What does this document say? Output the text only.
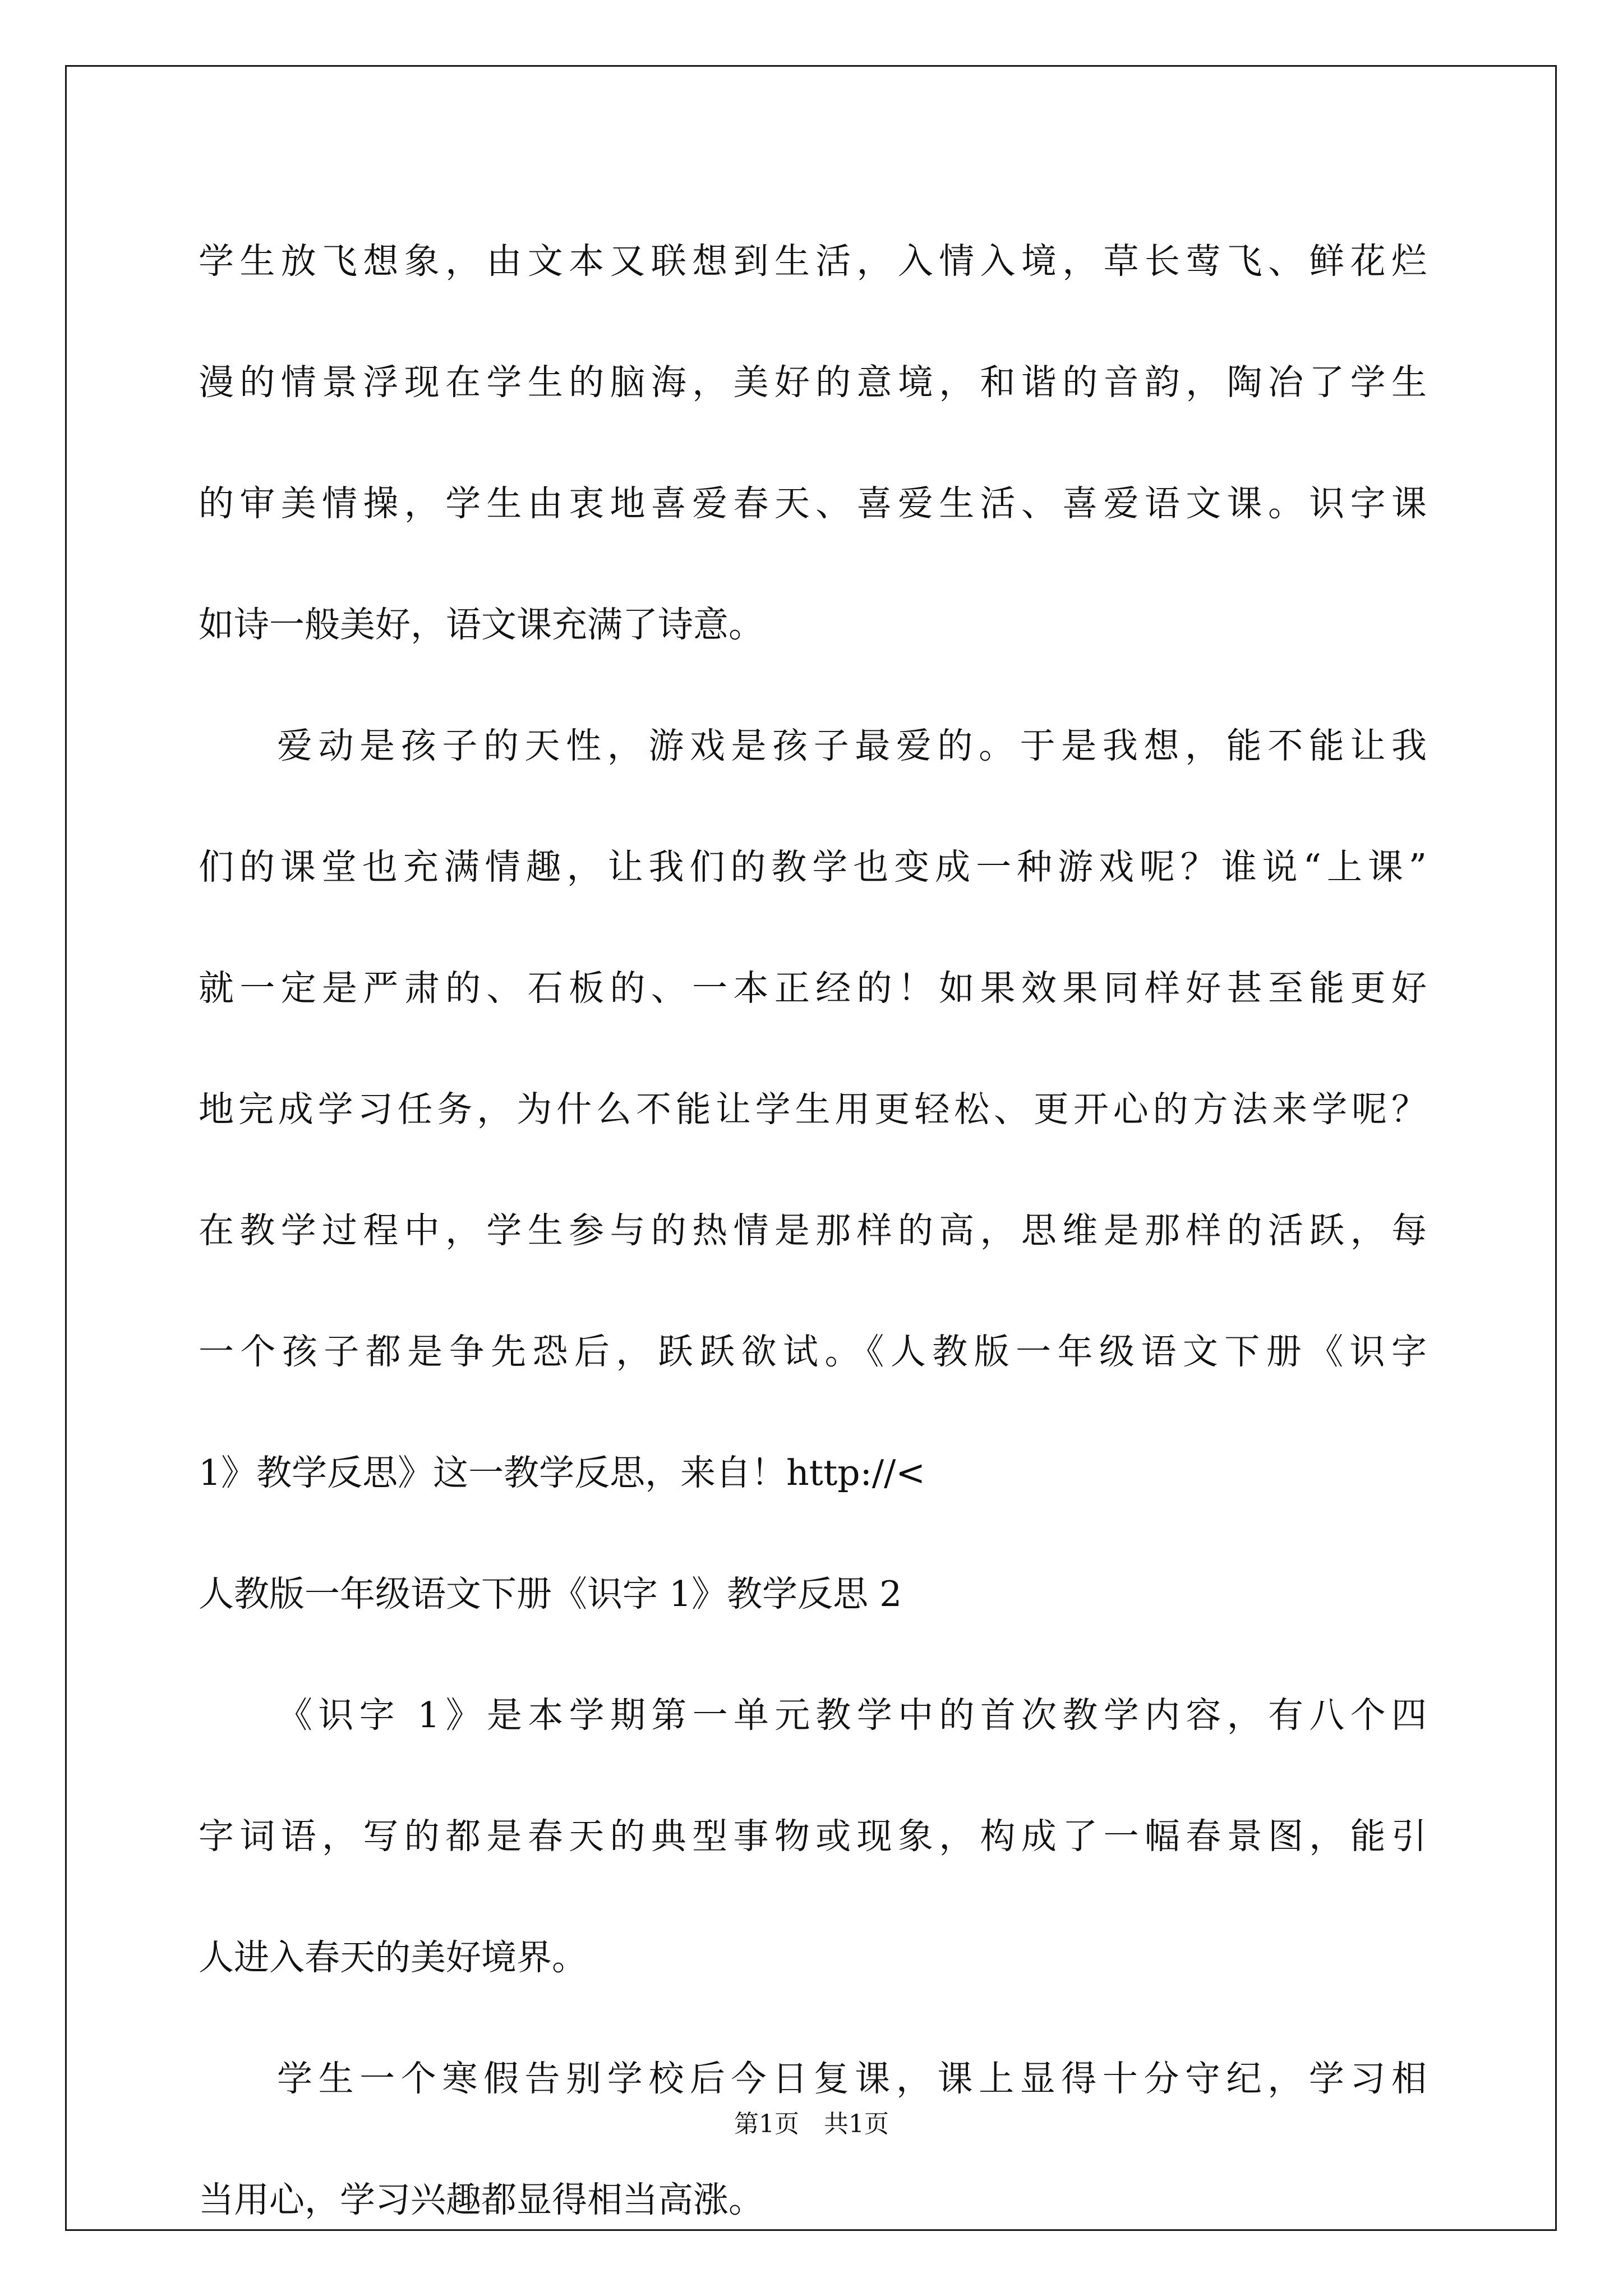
学生放飞想象，由文本又联想到生活，入情入境，草长莺飞、鲜花烂
漫的情景浮现在学生的脑海，美好的意境，和谐的音韵，陶冶了学生
的审美情操，学生由衷地喜爱春天、喜爱生活、喜爱语文课。识字课
如诗一般美好，语文课充满了诗意。
爱动是孩子的天性，游戏是孩子最爱的。于是我想，能不能让我
们的课堂也充满情趣，让我们的教学也变成一种游戏呢？谁说“上课”
就一定是严肃的、石板的、一本正经的！如果效果同样好甚至能更好
地完成学习任务，为什么不能让学生用更轻松、更开心的方法来学呢？
在教学过程中，学生参与的热情是那样的高，思维是那样的活跃，每
一个孩子都是争先恐后，跃跃欲试。《人教版一年级语文下册《识字
1》教学反思》这一教学反思，来自！http://<
人教版一年级语文下册《识字 1》教学反思 2
《识字 1》是本学期第一单元教学中的首次教学内容，有八个四
字词语，写的都是春天的典型事物或现象，构成了一幅春景图，能引
人进入春天的美好境界。
学生一个寒假告别学校后今日复课，课上显得十分守纪，学习相
当用心，学习兴趣都显得相当高涨。
第1页　共1页
